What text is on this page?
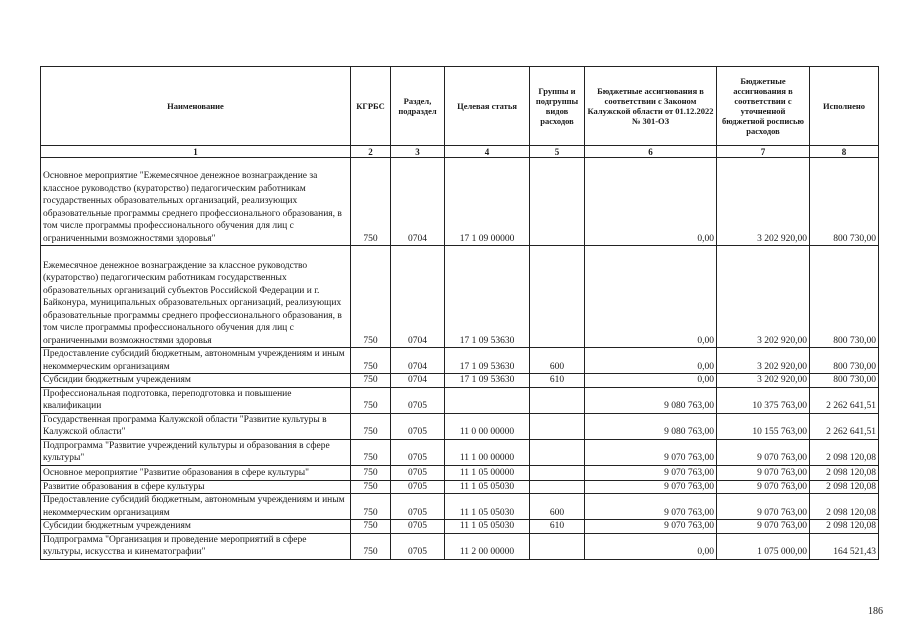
Наименование	КГРБС	Раздел, подраздел	Целевая статья	Группы и подгруппы видов расходов	Бюджетные ассигнования в соответствии с Законом Калужской области от 01.12.2022 № 301-ОЗ	Бюджетные ассигнования в соответствии с уточненной бюджетной росписью расходов	Исполнено
1	2	3	4	5	6	7	8
Основное мероприятие "Ежемесячное денежное вознаграждение за классное руководство (кураторство) педагогическим работникам государственных образовательных организаций, реализующих образовательные программы среднего профессионального образования, в том числе программы профессионального обучения для лиц с ограниченными возможностями здоровья"	750	0704	17 1 09 00000		0,00	3 202 920,00	800 730,00
Ежемесячное денежное вознаграждение за классное руководство (кураторство) педагогическим работникам государственных образовательных организаций субъектов Российской Федерации и г. Байконура, муниципальных образовательных организаций, реализующих образовательные программы среднего профессионального образования, в том числе программы профессионального обучения для лиц с ограниченными возможностями здоровья	750	0704	17 1 09 53630		0,00	3 202 920,00	800 730,00
Предоставление субсидий бюджетным, автономным учреждениям и иным некоммерческим организациям	750	0704	17 1 09 53630	600	0,00	3 202 920,00	800 730,00
Субсидии бюджетным учреждениям	750	0704	17 1 09 53630	610	0,00	3 202 920,00	800 730,00
Профессиональная подготовка, переподготовка и повышение квалификации	750	0705			9 080 763,00	10 375 763,00	2 262 641,51
Государственная программа Калужской области "Развитие культуры в Калужской области"	750	0705	11 0 00 00000		9 080 763,00	10 155 763,00	2 262 641,51
Подпрограмма "Развитие учреждений культуры и образования в сфере культуры"	750	0705	11 1 00 00000		9 070 763,00	9 070 763,00	2 098 120,08
Основное мероприятие "Развитие образования в сфере культуры"	750	0705	11 1 05 00000		9 070 763,00	9 070 763,00	2 098 120,08
Развитие образования в сфере культуры	750	0705	11 1 05 05030		9 070 763,00	9 070 763,00	2 098 120,08
Предоставление субсидий бюджетным, автономным учреждениям и иным некоммерческим организациям	750	0705	11 1 05 05030	600	9 070 763,00	9 070 763,00	2 098 120,08
Субсидии бюджетным учреждениям	750	0705	11 1 05 05030	610	9 070 763,00	9 070 763,00	2 098 120,08
Подпрограмма "Организация и проведение мероприятий в сфере культуры, искусства и кинематографии"	750	0705	11 2 00 00000		0,00	1 075 000,00	164 521,43
186
